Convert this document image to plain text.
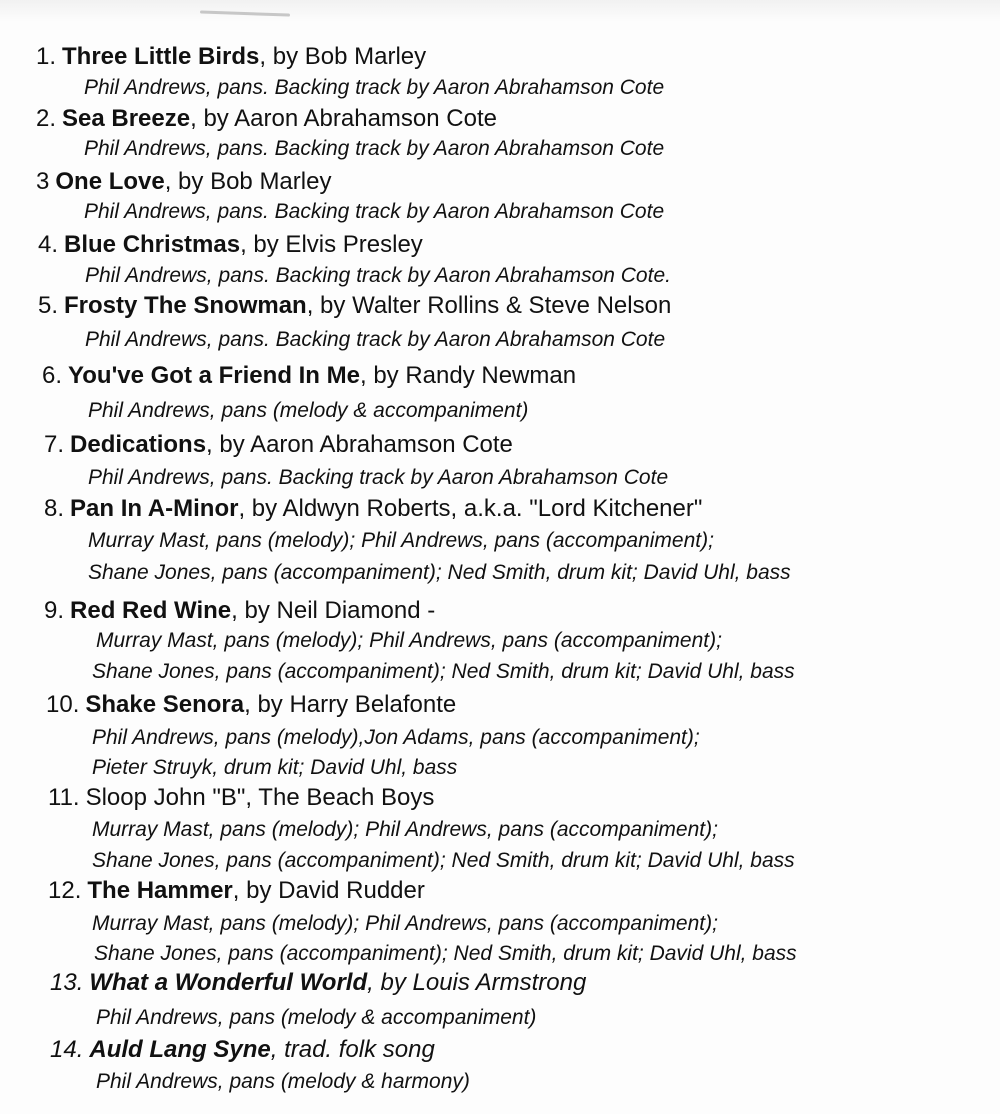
1. Three Little Birds, by Bob Marley
Phil Andrews, pans. Backing track by Aaron Abrahamson Cote
2. Sea Breeze, by Aaron Abrahamson Cote
Phil Andrews, pans. Backing track by Aaron Abrahamson Cote
3 One Love, by Bob Marley
Phil Andrews, pans. Backing track by Aaron Abrahamson Cote
4. Blue Christmas, by Elvis Presley
Phil Andrews, pans. Backing track by Aaron Abrahamson Cote.
5. Frosty The Snowman, by Walter Rollins & Steve Nelson
Phil Andrews, pans. Backing track by Aaron Abrahamson Cote
6. You've Got a Friend In Me, by Randy Newman
Phil Andrews, pans (melody & accompaniment)
7. Dedications, by Aaron Abrahamson Cote
Phil Andrews, pans. Backing track by Aaron Abrahamson Cote
8. Pan In A-Minor, by Aldwyn Roberts, a.k.a. "Lord Kitchener"
Murray Mast, pans (melody); Phil Andrews, pans (accompaniment);
Shane Jones, pans (accompaniment); Ned Smith, drum kit; David Uhl, bass
9. Red Red Wine, by Neil Diamond -
Murray Mast, pans (melody); Phil Andrews, pans (accompaniment);
Shane Jones, pans (accompaniment); Ned Smith, drum kit; David Uhl, bass
10. Shake Senora, by Harry Belafonte
Phil Andrews, pans (melody),Jon Adams, pans (accompaniment);
Pieter Struyk, drum kit; David Uhl, bass
11. Sloop John "B", The Beach Boys
Murray Mast, pans (melody); Phil Andrews, pans (accompaniment);
Shane Jones, pans (accompaniment); Ned Smith, drum kit; David Uhl, bass
12. The Hammer, by David Rudder
Murray Mast, pans (melody); Phil Andrews, pans (accompaniment);
Shane Jones, pans (accompaniment); Ned Smith, drum kit; David Uhl, bass
13. What a Wonderful World, by Louis Armstrong
Phil Andrews, pans (melody & accompaniment)
14. Auld Lang Syne, trad. folk song
Phil Andrews, pans (melody & harmony)
